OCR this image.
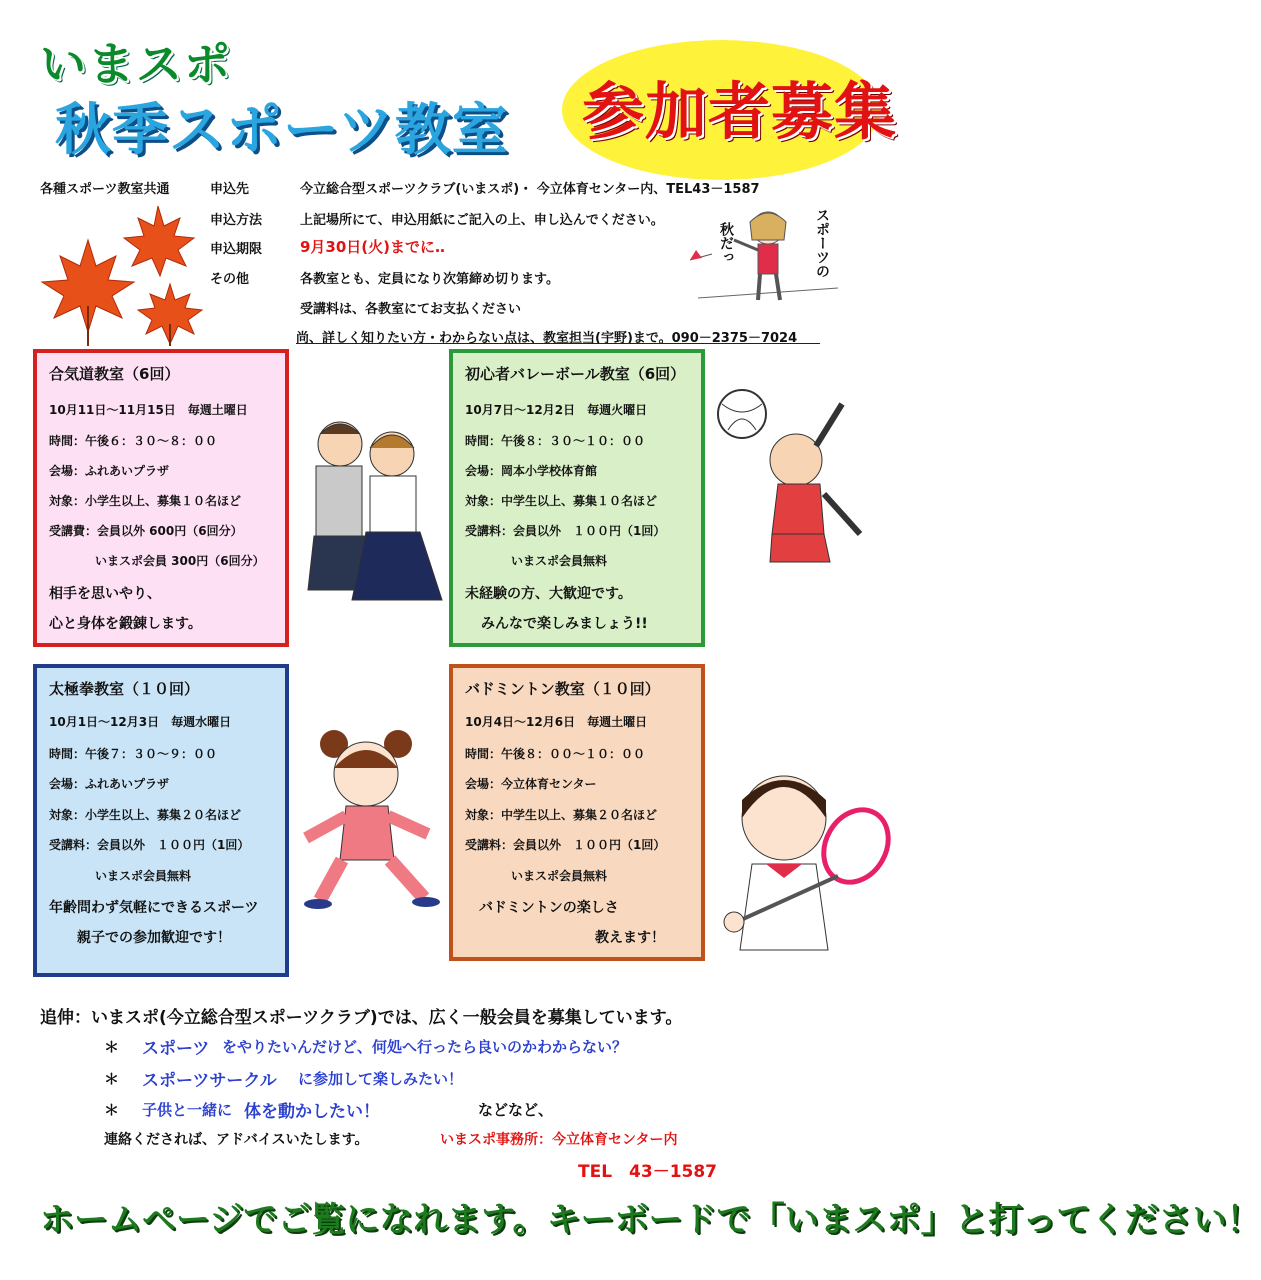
いまスポ
秋季スポーツ教室 参加者募集
各種スポーツ教室共通	申込先	今立総合型スポーツクラブ(いまスポ)・ 今立体育センター内、TEL43－1587
申込方法	上記場所にて、申込用紙にご記入の上、申し込んでください。
申込期限	9月30日(火)までに‥
その他	各教室とも、定員になり次第締め切ります。
受講料は、各教室にてお支払ください
尚、詳しく知りたい方・わからない点は、教室担当(宇野)まで。090－2375－7024
秋だっ	スポーツの
合気道教室（6回）
10月11日～11月15日　毎週土曜日
時間：午後６：３０～８：００
会場：ふれあいプラザ
対象：小学生以上、募集１０名ほど
受講費：会員以外 600円（6回分）
いまスポ会員 300円（6回分）
相手を思いやり、
心と身体を鍛錬します。
初心者バレーボール教室（6回）
10月7日～12月2日　毎週火曜日
時間：午後８：３０～１０：００
会場：岡本小学校体育館
対象：中学生以上、募集１０名ほど
受講料：会員以外　１００円（1回）
いまスポ会員無料
未経験の方、大歓迎です。
みんなで楽しみましょう!!
太極拳教室（１０回）
10月1日～12月3日　毎週水曜日
時間：午後７：３０～９：００
会場：ふれあいプラザ
対象：小学生以上、募集２０名ほど
受講料：会員以外　１００円（1回）
いまスポ会員無料
年齢問わず気軽にできるスポーツ
親子での参加歓迎です！
バドミントン教室（１０回）
10月4日～12月6日　毎週土曜日
時間：午後８：００～１０：００
会場：今立体育センター
対象：中学生以上、募集２０名ほど
受講料：会員以外　１００円（1回）
いまスポ会員無料
バドミントンの楽しさ
教えます！
追伸：いまスポ(今立総合型スポーツクラブ)では、広く一般会員を募集しています。
＊ スポーツ をやりたいんだけど、何処へ行ったら良いのかわからない？
＊ スポーツサークル に参加して楽しみたい！
＊ 子供と一緒に 体を動かしたい！	などなど、
連絡くだされば、アドバイスいたします。	いまスポ事務所：今立体育センター内
TEL　43－1587
ホームページでご覧になれます。キーボードで「いまスポ」と打ってください！
